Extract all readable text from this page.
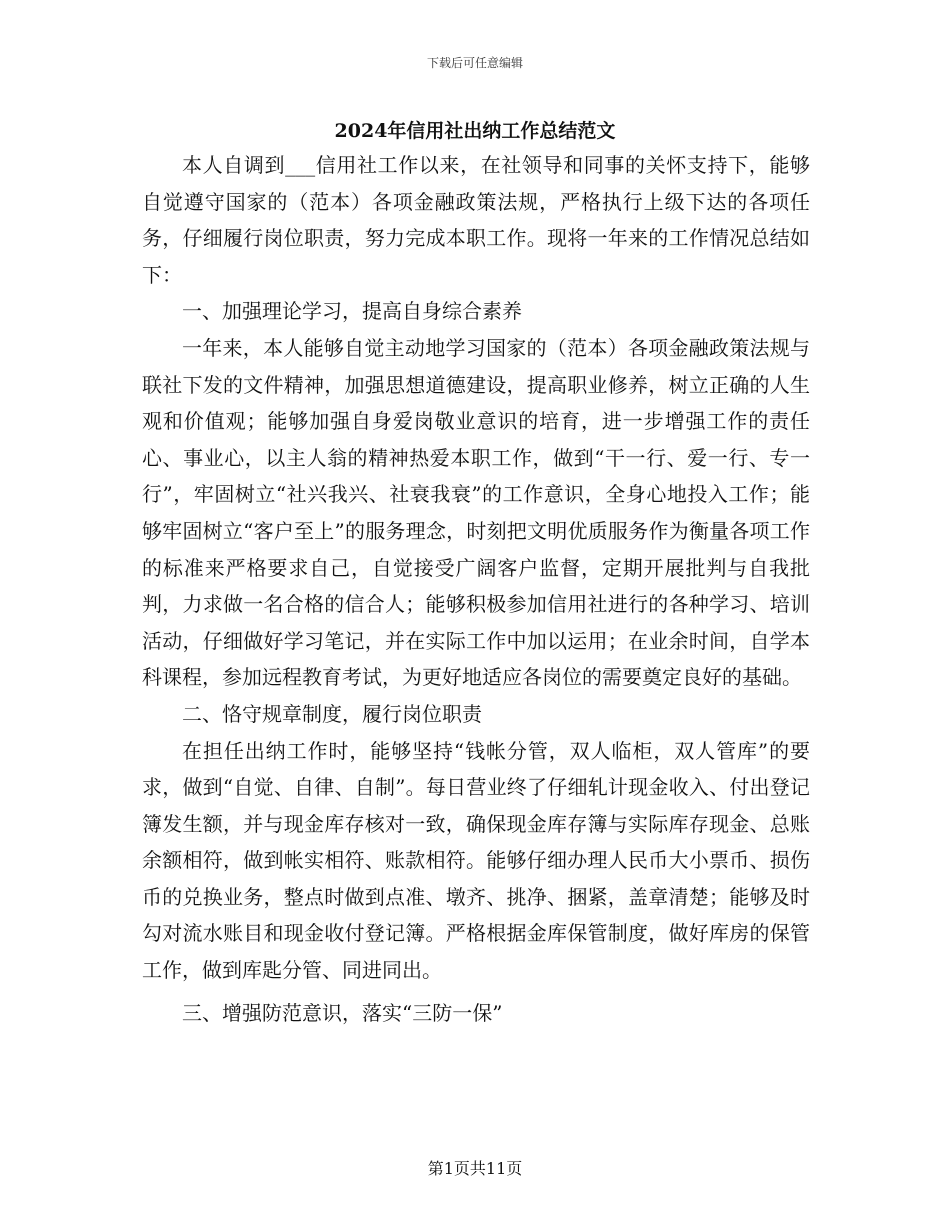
下载后可任意编辑
2024年信用社出纳工作总结范文

本人自调到___信用社工作以来，在社领导和同事的关怀支持下，能够自觉遵守国家的（范本）各项金融政策法规，严格执行上级下达的各项任务，仔细履行岗位职责，努力完成本职工作。现将一年来的工作情况总结如下：

一、加强理论学习，提高自身综合素养

一年来，本人能够自觉主动地学习国家的（范本）各项金融政策法规与联社下发的文件精神，加强思想道德建设，提高职业修养，树立正确的人生观和价值观；能够加强自身爱岗敬业意识的培育，进一步增强工作的责任心、事业心，以主人翁的精神热爱本职工作，做到“干一行、爱一行、专一行”，牢固树立“社兴我兴、社衰我衰”的工作意识，全身心地投入工作；能够牢固树立“客户至上”的服务理念，时刻把文明优质服务作为衡量各项工作的标准来严格要求自己，自觉接受广阔客户监督，定期开展批判与自我批判，力求做一名合格的信合人；能够积极参加信用社进行的各种学习、培训活动，仔细做好学习笔记，并在实际工作中加以运用；在业余时间，自学本科课程，参加远程教育考试，为更好地适应各岗位的需要奠定良好的基础。

二、恪守规章制度，履行岗位职责

在担任出纳工作时，能够坚持“钱帐分管，双人临柜，双人管库”的要求，做到“自觉、自律、自制”。每日营业终了仔细轧计现金收入、付出登记簿发生额，并与现金库存核对一致，确保现金库存簿与实际库存现金、总账余额相符，做到帐实相符、账款相符。能够仔细办理人民币大小票币、损伤币的兑换业务，整点时做到点准、墩齐、挑净、捆紧，盖章清楚；能够及时勾对流水账目和现金收付登记簿。严格根据金库保管制度，做好库房的保管工作，做到库匙分管、同进同出。

三、增强防范意识，落实“三防一保”

第1页共11页
